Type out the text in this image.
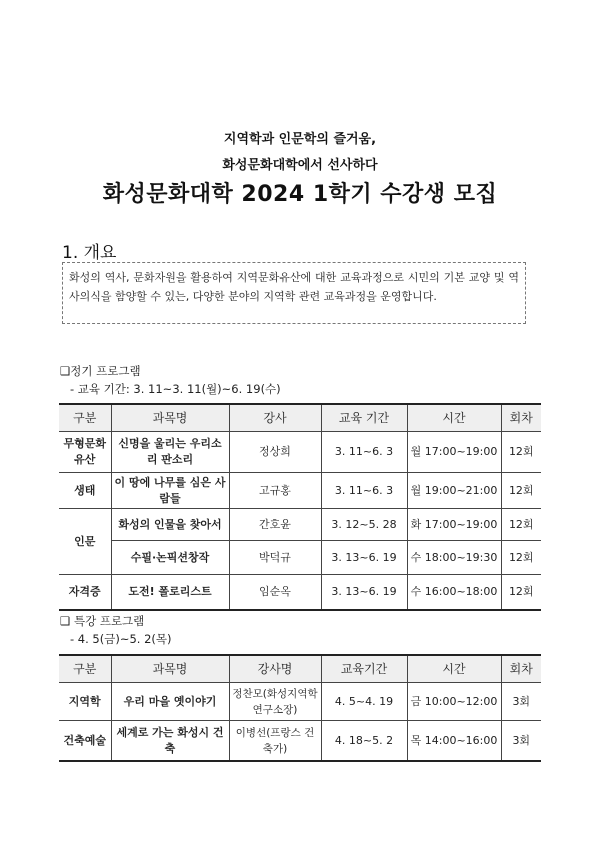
지역학과 인문학의 즐거움,
화성문화대학에서 선사하다
화성문화대학 2024 1학기 수강생 모집
1. 개요
화성의 역사, 문화자원을 활용하여 지역문화유산에 대한 교육과정으로 시민의 기본 교양 및 역사의식을 함양할 수 있는, 다양한 분야의 지역학 관련 교육과정을 운영합니다.
❑정기 프로그램
- 교육 기간: 3. 11~3. 11(월)~6. 19(수)
구분	과목명	강사	교육 기간	시간	회차
무형문화 유산	신명을 울리는 우리소리 판소리	정상희	3. 11~6. 3	월 17:00~19:00	12회
생태	이 땅에 나무를 심은 사람들	고규홍	3. 11~6. 3	월 19:00~21:00	12회
인문	화성의 인물을 찾아서	간호윤	3. 12~5. 28	화 17:00~19:00	12회
	수필·논픽션창작	박덕규	3. 13~6. 19	수 18:00~19:30	12회
자격증	도전! 폴로리스트	임순옥	3. 13~6. 19	수 16:00~18:00	12회
❑ 특강 프로그램
- 4. 5(금)~5. 2(목)
구분	과목명	강사명	교육기간	시간	회차
지역학	우리 마을 옛이야기	정찬모(화성지역학연구소장)	4. 5~4. 19	금 10:00~12:00	3회
건축예술	세계로 가는 화성시 건축	이병선(프랑스 건축가)	4. 18~5. 2	목 14:00~16:00	3회
